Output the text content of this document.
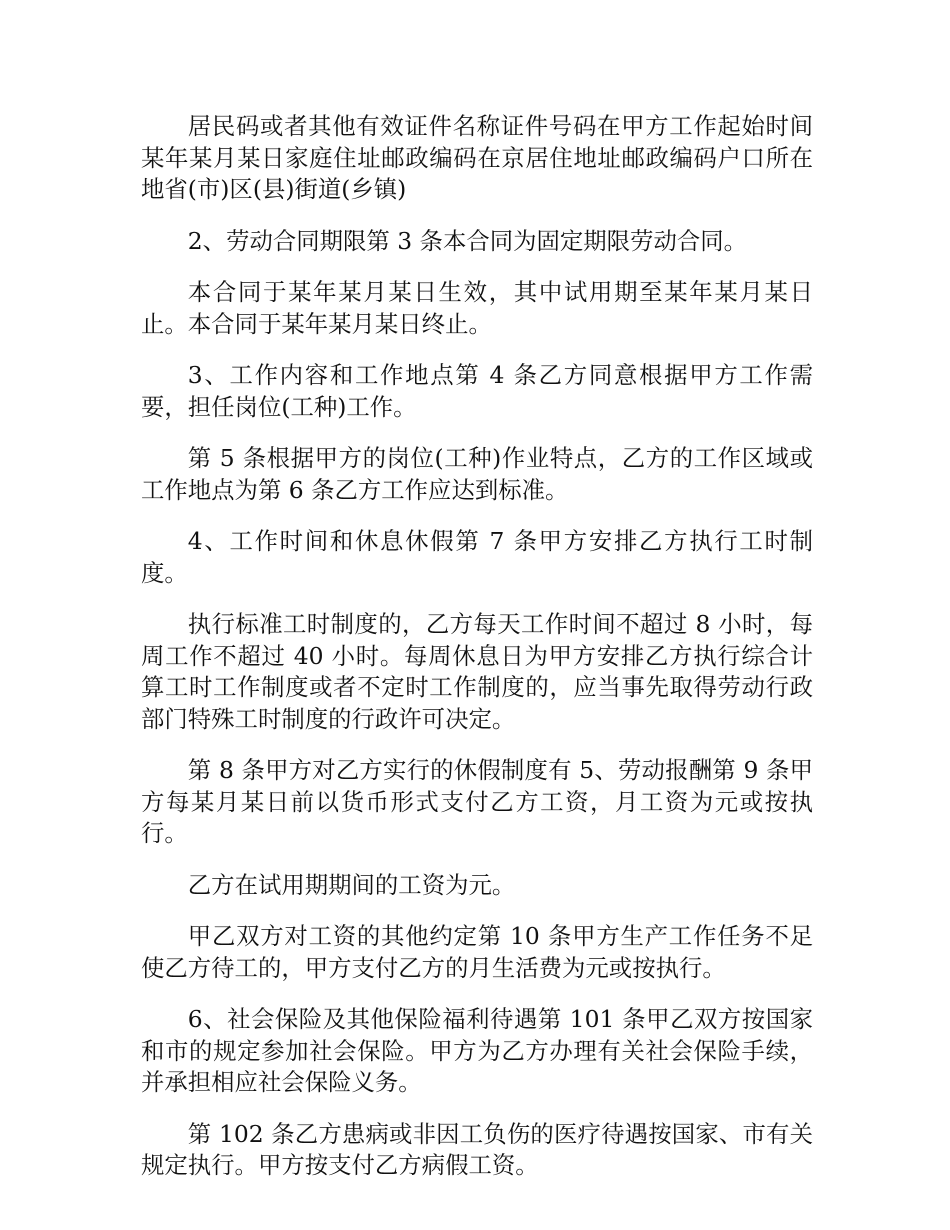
居民码或者其他有效证件名称证件号码在甲方工作起始时间某年某月某日家庭住址邮政编码在京居住地址邮政编码户口所在地省(市)区(县)街道(乡镇)

2、劳动合同期限第 3 条本合同为固定期限劳动合同。

本合同于某年某月某日生效，其中试用期至某年某月某日止。本合同于某年某月某日终止。

3、工作内容和工作地点第 4 条乙方同意根据甲方工作需要，担任岗位(工种)工作。

第 5 条根据甲方的岗位(工种)作业特点，乙方的工作区域或工作地点为第 6 条乙方工作应达到标准。

4、工作时间和休息休假第 7 条甲方安排乙方执行工时制度。

执行标准工时制度的，乙方每天工作时间不超过 8 小时，每周工作不超过 40 小时。每周休息日为甲方安排乙方执行综合计算工时工作制度或者不定时工作制度的，应当事先取得劳动行政部门特殊工时制度的行政许可决定。

第 8 条甲方对乙方实行的休假制度有 5、劳动报酬第 9 条甲方每某月某日前以货币形式支付乙方工资，月工资为元或按执行。

乙方在试用期期间的工资为元。

甲乙双方对工资的其他约定第 10 条甲方生产工作任务不足使乙方待工的，甲方支付乙方的月生活费为元或按执行。

6、社会保险及其他保险福利待遇第 101 条甲乙双方按国家和市的规定参加社会保险。甲方为乙方办理有关社会保险手续，并承担相应社会保险义务。

第 102 条乙方患病或非因工负伤的医疗待遇按国家、市有关规定执行。甲方按支付乙方病假工资。
